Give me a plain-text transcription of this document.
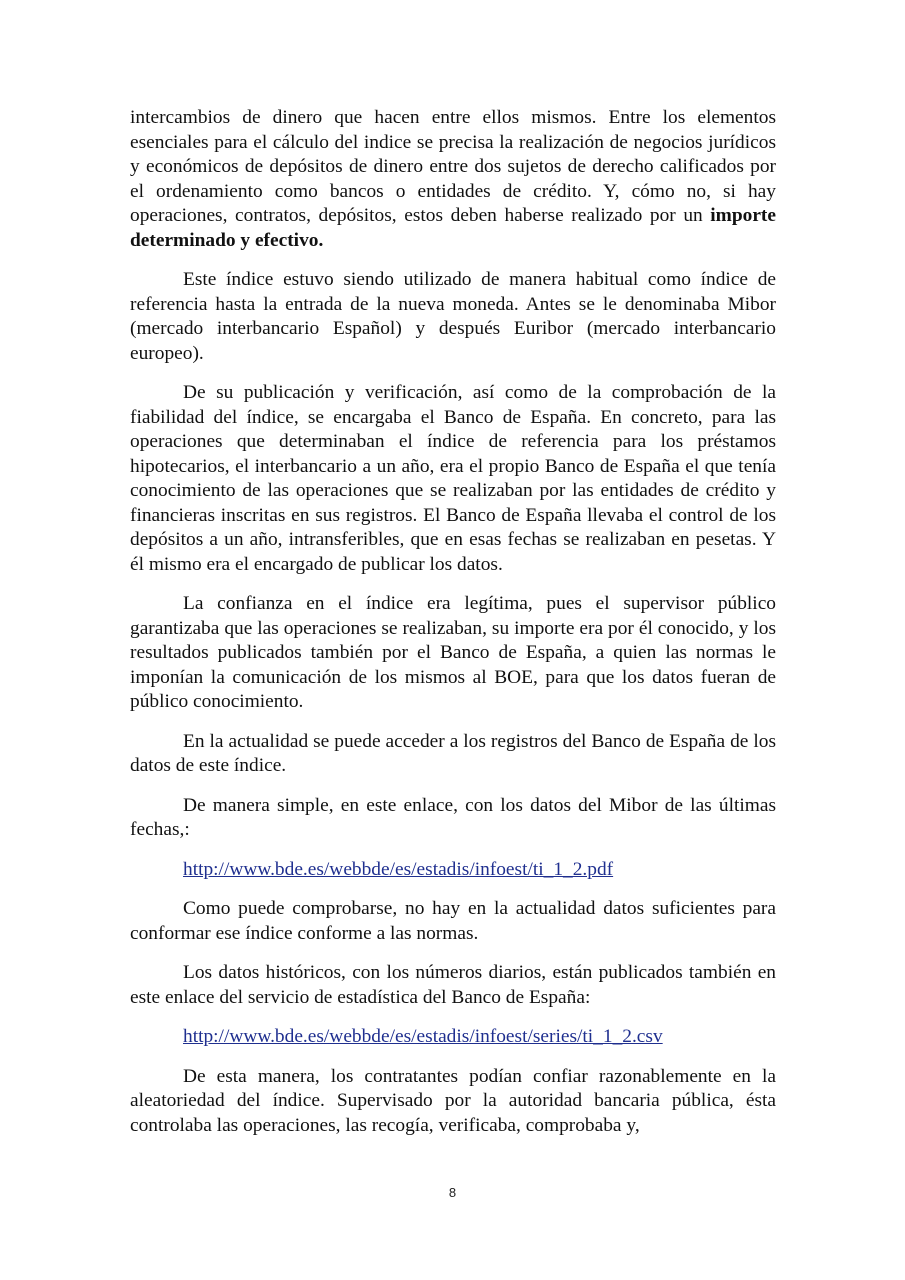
intercambios de dinero que hacen entre ellos mismos. Entre los elementos esenciales para el cálculo del indice se precisa la realización de negocios jurídicos y económicos de depósitos de dinero entre dos sujetos de derecho calificados por el ordenamiento como bancos o entidades de crédito. Y, cómo no, si hay operaciones, contratos, depósitos, estos deben haberse realizado por un importe determinado y efectivo.

Este índice estuvo siendo utilizado de manera habitual como índice de referencia hasta la entrada de la nueva moneda. Antes se le denominaba Mibor (mercado interbancario Español) y después Euribor (mercado interbancario europeo).

De su publicación y verificación, así como de la comprobación de la fiabilidad del índice, se encargaba el Banco de España. En concreto, para las operaciones que determinaban el índice de referencia para los préstamos hipotecarios, el interbancario a un año, era el propio Banco de España el que tenía conocimiento de las operaciones que se realizaban por las entidades de crédito y financieras inscritas en sus registros. El Banco de España llevaba el control de los depósitos a un año, intransferibles, que en esas fechas se realizaban en pesetas. Y él mismo era el encargado de publicar los datos.

La confianza en el índice era legítima, pues el supervisor público garantizaba que las operaciones se realizaban, su importe era por él conocido, y los resultados publicados también por el Banco de España, a quien las normas le imponían la comunicación de los mismos al BOE, para que los datos fueran de público conocimiento.

En la actualidad se puede acceder a los registros del Banco de España de los datos de este índice.

De manera simple, en este enlace, con los datos del Mibor de las últimas fechas,:

http://www.bde.es/webbde/es/estadis/infoest/ti_1_2.pdf

Como puede comprobarse, no hay en la actualidad datos suficientes para conformar ese índice conforme a las normas.

Los datos históricos, con los números diarios, están publicados también en este enlace del servicio de estadística del Banco de España:

http://www.bde.es/webbde/es/estadis/infoest/series/ti_1_2.csv

De esta manera, los contratantes podían confiar razonablemente en la aleatoriedad del índice. Supervisado por la autoridad bancaria pública, ésta controlaba las operaciones, las recogía, verificaba, comprobaba y,

8
